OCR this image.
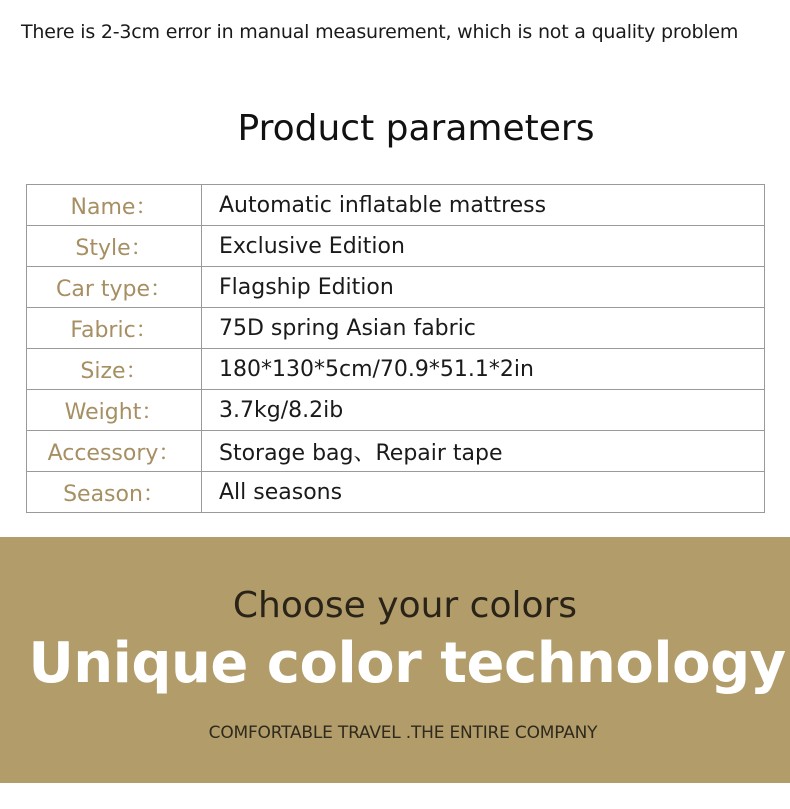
There is 2-3cm error in manual measurement, which is not a quality problem
Product parameters
Name：	Automatic inflatable mattress
Style：	Exclusive Edition
Car type：	Flagship Edition
Fabric：	75D spring Asian fabric
Size：	180*130*5cm/70.9*51.1*2in
Weight：	3.7kg/8.2ib
Accessory：	Storage bag、Repair tape
Season：	All seasons
Choose your colors
Unique color technology
COMFORTABLE TRAVEL .THE ENTIRE COMPANY
